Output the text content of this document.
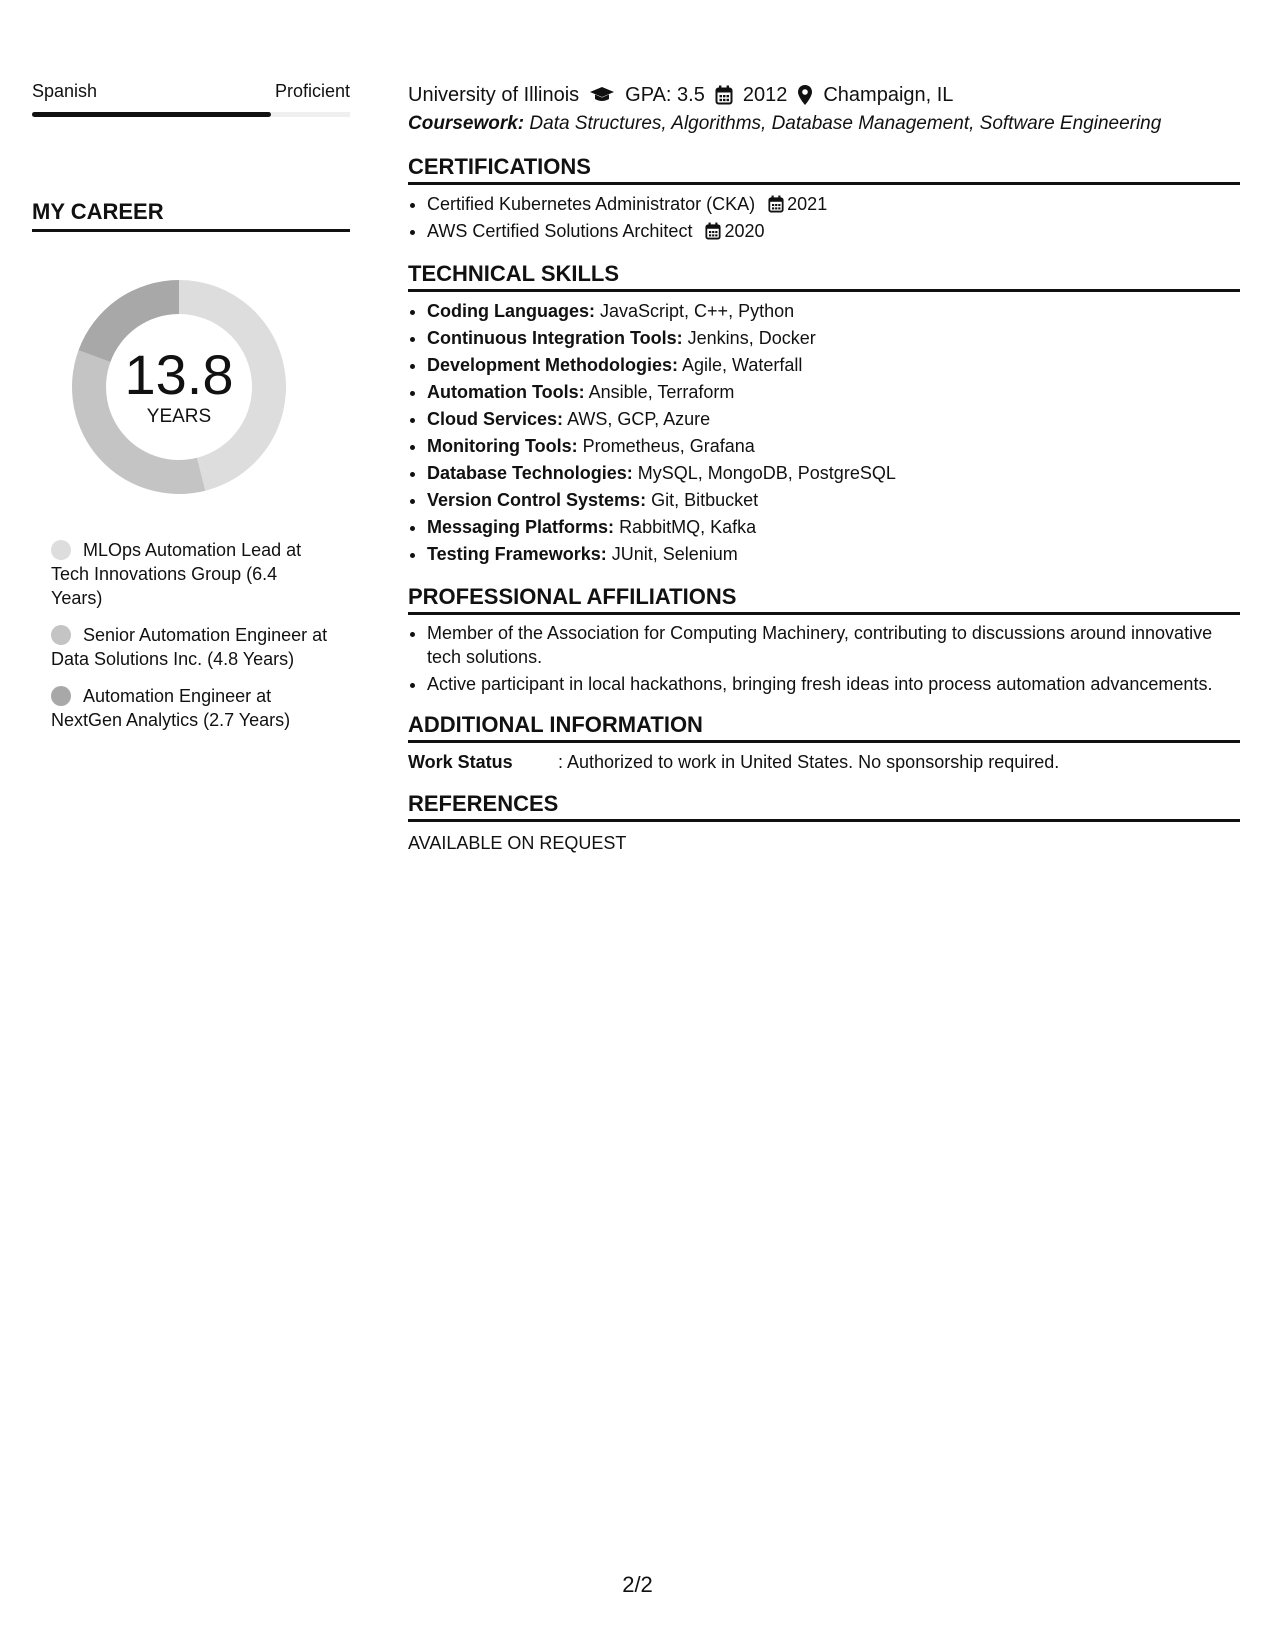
Spanish	Proficient
MY CAREER
13.8
YEARS
MLOps Automation Lead at Tech Innovations Group (6.4 Years)
Senior Automation Engineer at Data Solutions Inc. (4.8 Years)
Automation Engineer at NextGen Analytics (2.7 Years)
University of Illinois GPA: 3.5 2012 Champaign, IL
Coursework: Data Structures, Algorithms, Database Management, Software Engineering
CERTIFICATIONS
• Certified Kubernetes Administrator (CKA) 2021
• AWS Certified Solutions Architect 2020
TECHNICAL SKILLS
• Coding Languages: JavaScript, C++, Python
• Continuous Integration Tools: Jenkins, Docker
• Development Methodologies: Agile, Waterfall
• Automation Tools: Ansible, Terraform
• Cloud Services: AWS, GCP, Azure
• Monitoring Tools: Prometheus, Grafana
• Database Technologies: MySQL, MongoDB, PostgreSQL
• Version Control Systems: Git, Bitbucket
• Messaging Platforms: RabbitMQ, Kafka
• Testing Frameworks: JUnit, Selenium
PROFESSIONAL AFFILIATIONS
• Member of the Association for Computing Machinery, contributing to discussions around innovative tech solutions.
• Active participant in local hackathons, bringing fresh ideas into process automation advancements.
ADDITIONAL INFORMATION
Work Status	: Authorized to work in United States. No sponsorship required.
REFERENCES
AVAILABLE ON REQUEST
2/2
